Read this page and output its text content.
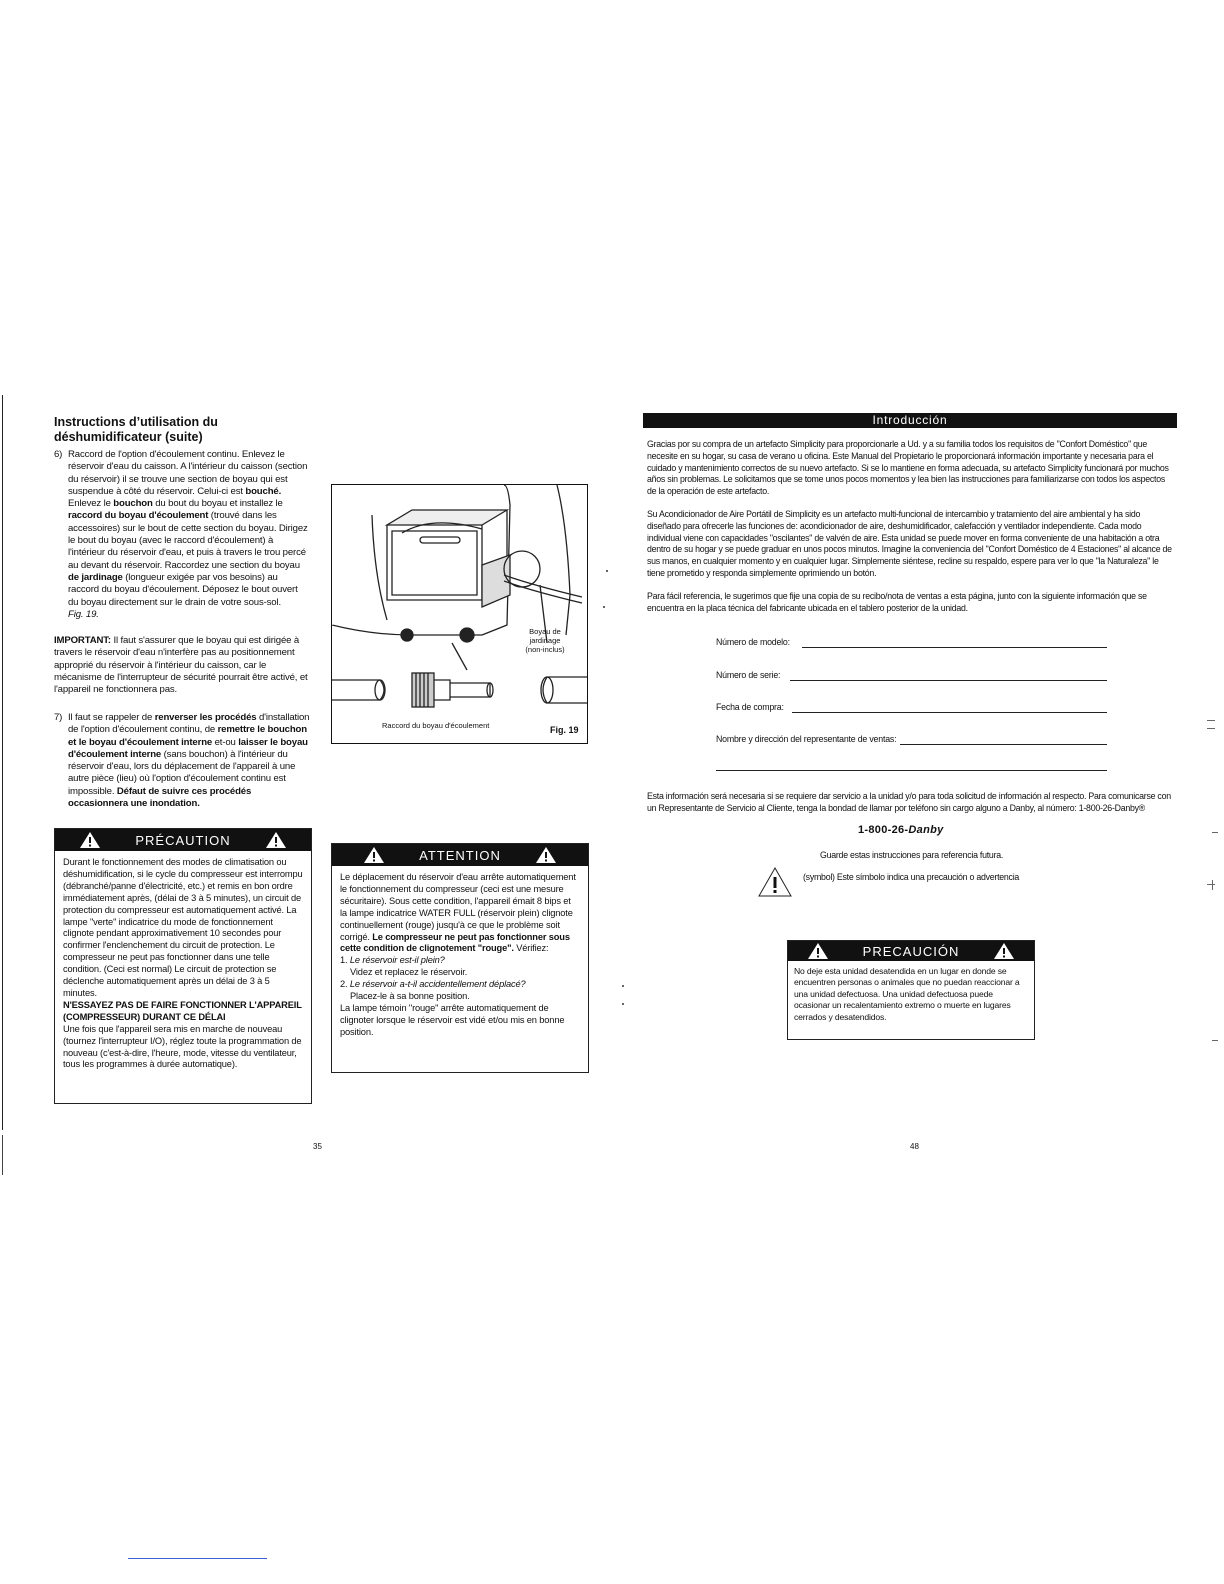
Instructions d’utilisation du
déshumidificateur (suite)
6) Raccord de l'option d'écoulement continu. Enlevez le réservoir d'eau du caisson. A l'intérieur du caisson (section du réservoir) il se trouve une section de boyau qui est suspendue à côté du réservoir. Celui-ci est bouché. Enlevez le bouchon du bout du boyau et installez le raccord du boyau d'écoulement (trouvé dans les accessoires) sur le bout de cette section du boyau. Dirigez le bout du boyau (avec le raccord d'écoulement) à l'intérieur du réservoir d'eau, et puis à travers le trou percé au devant du réservoir. Raccordez une section du boyau de jardinage (longueur exigée par vos besoins) au raccord du boyau d'écoulement. Déposez le bout ouvert du boyau directement sur le drain de votre sous-sol.
Fig. 19.
IMPORTANT: Il faut s'assurer que le boyau qui est dirigée à travers le réservoir d'eau n'interfère pas au positionnement approprié du réservoir à l'intérieur du caisson, car le mécanisme de l'interrupteur de sécurité pourrait être activé, et l'appareil ne fonctionnera pas.
7) Il faut se rappeler de renverser les procédés d'installation de l'option d'écoulement continu, de remettre le bouchon et le boyau d'écoulement interne et-ou laisser le boyau d'écoulement interne (sans bouchon) à l'intérieur du réservoir d'eau, lors du déplacement de l'appareil à une autre pièce (lieu) où l'option d'écoulement continu est impossible. Défaut de suivre ces procédés occasionnera une inondation.
Boyau de
jardinage
(non-inclus)
Raccord du boyau d'écoulement	Fig. 19
PRÉCAUTION
Durant le fonctionnement des modes de climatisation ou déshumidification, si le cycle du compresseur est interrompu (débranché/panne d'électricité, etc.) et remis en bon ordre immédiatement après, (délai de 3 à 5 minutes), un circuit de protection du compresseur est automatiquement activé. La lampe "verte" indicatrice du mode de fonctionnement clignote pendant approximativement 10 secondes pour confirmer l'enclenchement du circuit de protection. Le compresseur ne peut pas fonctionner dans une telle condition. (Ceci est normal) Le circuit de protection se déclenche automatiquement après un délai de 3 à 5 minutes.
N'ESSAYEZ PAS DE FAIRE FONCTIONNER L'APPAREIL (COMPRESSEUR) DURANT CE DÉLAI
Une fois que l'appareil sera mis en marche de nouveau (tournez l'interrupteur I/O), réglez toute la programmation de nouveau (c'est-à-dire, l'heure, mode, vitesse du ventilateur, tous les programmes à durée automatique).
ATTENTION
Le déplacement du réservoir d'eau arrête automatiquement le fonctionnement du compresseur (ceci est une mesure sécuritaire). Sous cette condition, l'appareil émait 8 bips et la lampe indicatrice WATER FULL (réservoir plein) clignote continuellement (rouge) jusqu'à ce que le problème soit corrigé. Le compresseur ne peut pas fonctionner sous cette condition de clignotement "rouge". Vérifiez:
1. Le réservoir est-il plein?
Videz et replacez le réservoir.
2. Le réservoir a-t-il accidentellement déplacé?
Placez-le à sa bonne position.
La lampe témoin "rouge" arrête automatiquement de clignoter lorsque le réservoir est vidé et/ou mis en bonne position.
35
Introducción
Gracias por su compra de un artefacto Simplicity para proporcionarle a Ud. y a su familia todos los requisitos de "Confort Doméstico" que necesite en su hogar, su casa de verano u oficina. Este Manual del Propietario le proporcionará información importante y necesaria para el cuidado y mantenimiento correctos de su nuevo artefacto. Si se lo mantiene en forma adecuada, su artefacto Simplicity funcionará por muchos años sin problemas. Le solicitamos que se tome unos pocos momentos y lea bien las instrucciones para familiarizarse con todos los aspectos de la operación de este artefacto.
Su Acondicionador de Aire Portátil de Simplicity es un artefacto multi-funcional de intercambio y tratamiento del aire ambiental y ha sido diseñado para ofrecerle las funciones de: acondicionador de aire, deshumidificador, calefacción y ventilador independiente. Cada modo individual viene con capacidades "oscilantes" de valvén de aire. Esta unidad se puede mover en forma conveniente de una habitación a otra dentro de su hogar y se puede graduar en unos pocos minutos. Imagine la conveniencia del "Confort Doméstico de 4 Estaciones" al alcance de sus manos, en cualquier momento y en cualquier lugar. Simplemente siéntese, recline su respaldo, espere para ver lo que "la Naturaleza" le tiene prometido y responda simplemente oprimiendo un botón.
Para fácil referencia, le sugerimos que fije una copia de su recibo/nota de ventas a esta página, junto con la siguiente información que se encuentra en la placa técnica del fabricante ubicada en el tablero posterior de la unidad.
Número de modelo:
Número de serie:
Fecha de compra:
Nombre y dirección del representante de ventas:
Esta información será necesaria si se requiere dar servicio a la unidad y/o para toda solicitud de información al respecto. Para comunicarse con un Representante de Servicio al Cliente, tenga la bondad de llamar por teléfono sin cargo alguno a Danby, al número: 1-800-26-Danby®
1-800-26-Danby
Guarde estas instrucciones para referencia futura.
(symbol) Este símbolo indica una precaución o advertencia
PRECAUCIÓN
No deje esta unidad desatendida en un lugar en donde se encuentren personas o animales que no puedan reaccionar a una unidad defectuosa. Una unidad defectuosa puede ocasionar un recalentamiento extremo o muerte en lugares cerrados y desatendidos.
48
